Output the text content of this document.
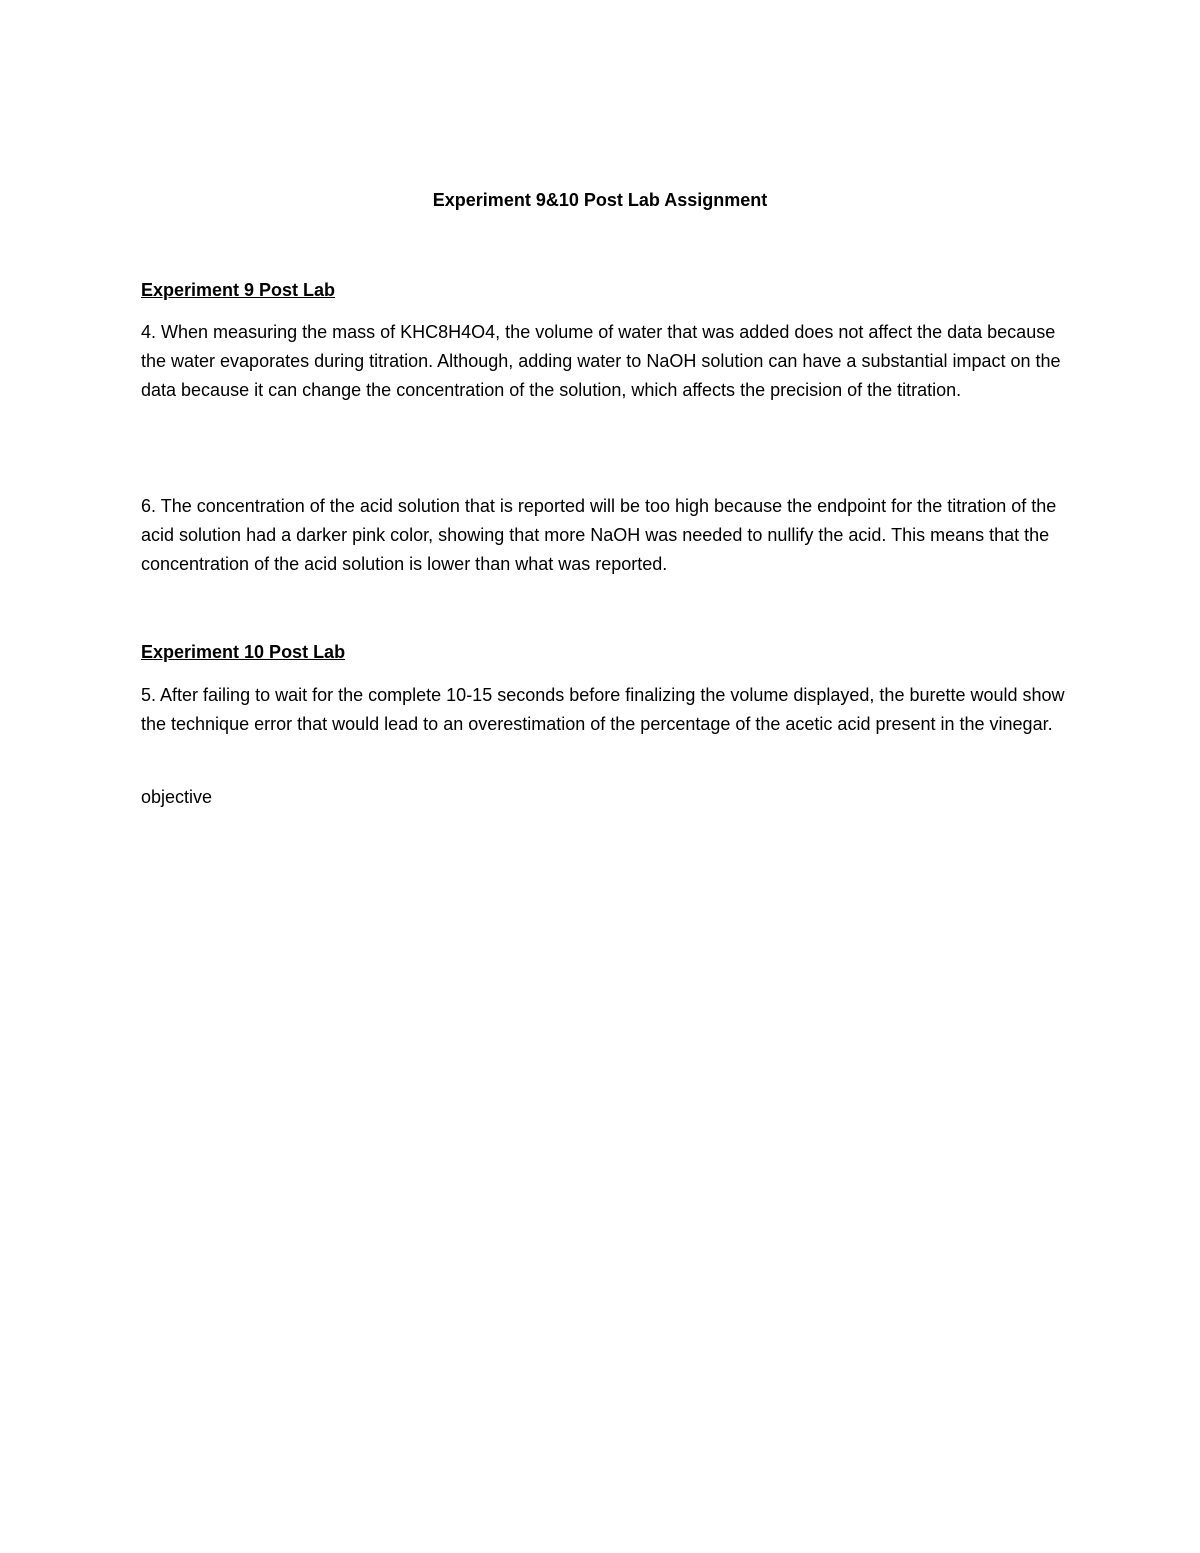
Experiment 9&10 Post Lab Assignment
Experiment 9 Post Lab

4. When measuring the mass of KHC8H4O4, the volume of water that was added does not affect the data because the water evaporates during titration. Although, adding water to NaOH solution can have a substantial impact on the data because it can change the concentration of the solution, which affects the precision of the titration.

6. The concentration of the acid solution that is reported will be too high because the endpoint for the titration of the acid solution had a darker pink color, showing that more NaOH was needed to nullify the acid. This means that the concentration of the acid solution is lower than what was reported.

Experiment 10 Post Lab

5. After failing to wait for the complete 10-15 seconds before finalizing the volume displayed, the burette would show the technique error that would lead to an overestimation of the percentage of the acetic acid present in the vinegar.

objective
